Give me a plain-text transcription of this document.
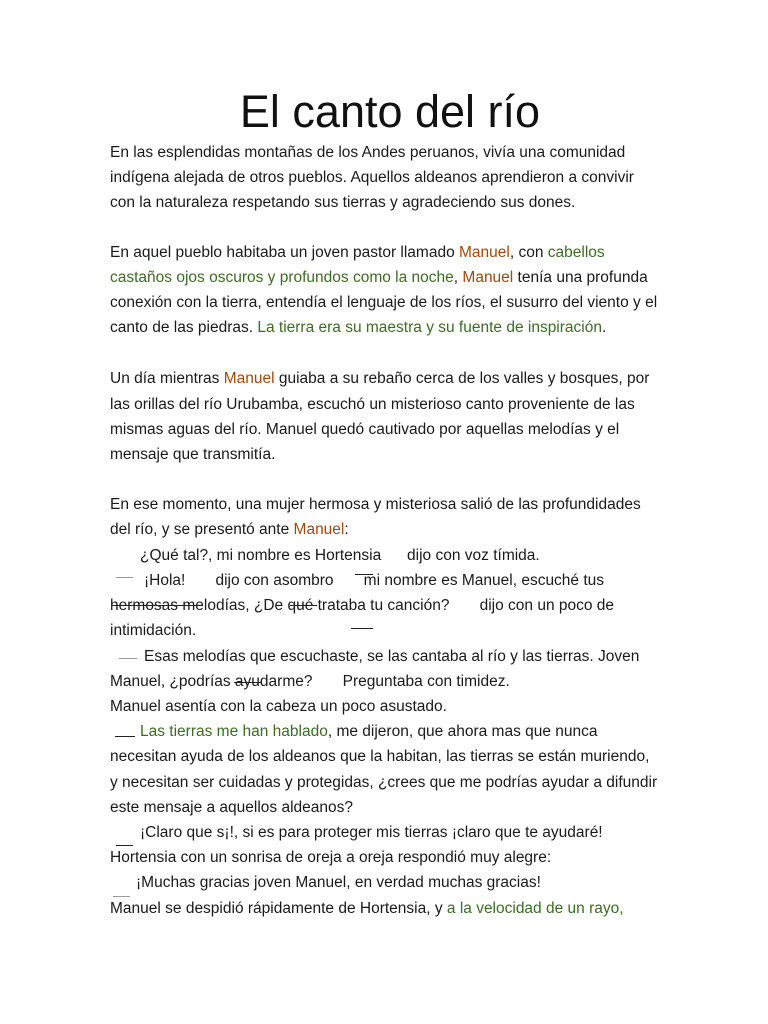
El canto del río
En las esplendidas montañas de los Andes peruanos, vivía una comunidad
indígena alejada de otros pueblos. Aquellos aldeanos aprendieron a convivir
con la naturaleza respetando sus tierras y agradeciendo sus dones.
En aquel pueblo habitaba un joven pastor llamado Manuel, con cabellos
castaños ojos oscuros y profundos como la noche, Manuel tenía una profunda
conexión con la tierra, entendía el lenguaje de los ríos, el susurro del viento y el
canto de las piedras. La tierra era su maestra y su fuente de inspiración.
Un día mientras Manuel guiaba a su rebaño cerca de los valles y bosques, por
las orillas del río Urubamba, escuchó un misterioso canto proveniente de las
mismas aguas del río. Manuel quedó cautivado por aquellas melodías y el
mensaje que transmitía.
En ese momento, una mujer hermosa y misteriosa salió de las profundidades
del río, y se presentó ante Manuel:
¿Qué tal?, mi nombre es Hortensia      dijo con voz tímida.
¡Hola!       dijo con asombro       mi nombre es Manuel, escuché tus
hermosas melodías, ¿De qué trataba tu canción?       dijo con un poco de
intimidación.
Esas melodías que escuchaste, se las cantaba al río y las tierras. Joven
Manuel, ¿podrías ayudarme?       Preguntaba con timidez.
Manuel asentía con la cabeza un poco asustado.
Las tierras me han hablado, me dijeron, que ahora mas que nunca
necesitan ayuda de los aldeanos que la habitan, las tierras se están muriendo,
y necesitan ser cuidadas y protegidas, ¿crees que me podrías ayudar a difundir
este mensaje a aquellos aldeanos?
¡Claro que s¡!, si es para proteger mis tierras ¡claro que te ayudaré!
Hortensia con un sonrisa de oreja a oreja respondió muy alegre:
¡Muchas gracias joven Manuel, en verdad muchas gracias!
Manuel se despidió rápidamente de Hortensia, y a la velocidad de un rayo,
